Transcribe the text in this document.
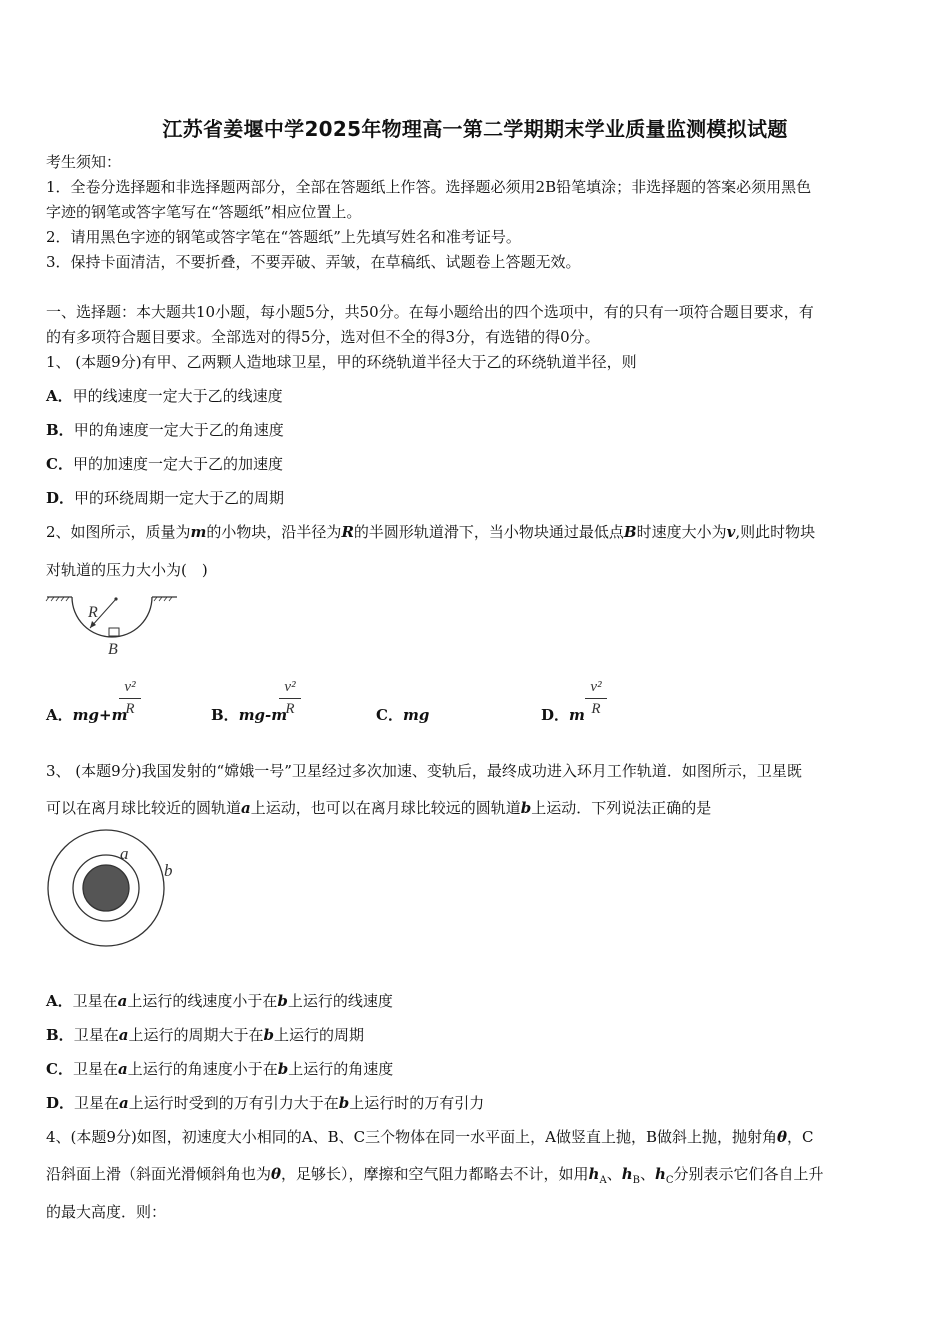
江苏省姜堰中学2025年物理高一第二学期期末学业质量监测模拟试题
考生须知：
1．全卷分选择题和非选择题两部分，全部在答题纸上作答。选择题必须用2B铅笔填涂；非选择题的答案必须用黑色
字迹的钢笔或答字笔写在“答题纸”相应位置上。
2．请用黑色字迹的钢笔或答字笔在“答题纸”上先填写姓名和准考证号。
3．保持卡面清洁，不要折叠，不要弄破、弄皱，在草稿纸、试题卷上答题无效。
一、选择题：本大题共10小题，每小题5分，共50分。在每小题给出的四个选项中，有的只有一项符合题目要求，有
的有多项符合题目要求。全部选对的得5分，选对但不全的得3分，有选错的得0分。
1、 (本题9分)有甲、乙两颗人造地球卫星，甲的环绕轨道半径大于乙的环绕轨道半径，则
A．甲的线速度一定大于乙的线速度
B．甲的角速度一定大于乙的角速度
C．甲的加速度一定大于乙的加速度
D．甲的环绕周期一定大于乙的周期
2、如图所示，质量为m的小物块，沿半径为R的半圆形轨道滑下，当小物块通过最低点B时速度大小为v,则此时物块
对轨道的压力大小为(　)
R
B
A．mg+m
v²
R	B．mg-m
v²
R	C．mg	D．m
v²
R
3、 (本题9分)我国发射的“嫦娥一号”卫星经过多次加速、变轨后，最终成功进入环月工作轨道．如图所示，卫星既
可以在离月球比较近的圆轨道a上运动，也可以在离月球比较远的圆轨道b上运动．下列说法正确的是
a
b
A．卫星在a上运行的线速度小于在b上运行的线速度
B．卫星在a上运行的周期大于在b上运行的周期
C．卫星在a上运行的角速度小于在b上运行的角速度
D．卫星在a上运行时受到的万有引力大于在b上运行时的万有引力
4、(本题9分)如图，初速度大小相同的A、B、C三个物体在同一水平面上，A做竖直上抛，B做斜上抛，抛射角θ，C
沿斜面上滑（斜面光滑倾斜角也为θ，足够长），摩擦和空气阻力都略去不计，如用$h_A$、$h_B$、$h_C$分别表示它们各自上升
的最大高度．则：
